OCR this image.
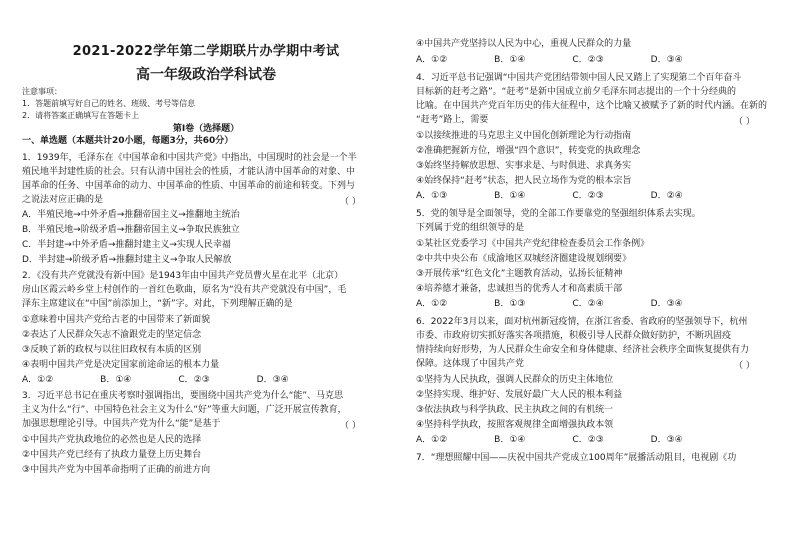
2021-2022学年第二学期联片办学期中考试
高一年级政治学科试卷
注意事项：
1．答题前填写好自己的姓名、班级、考号等信息
2．请将答案正确填写在答题卡上
第Ⅰ卷（选择题）
一、单选题（本题共计20小题，每题3分，共60分）
1．1939年，毛泽东在《中国革命和中国共产党》中指出，中国现时的社会是一个半
殖民地半封建性质的社会。只有认清中国社会的性质，才能认清中国革命的对象、中
国革命的任务、中国革命的动力、中国革命的性质、中国革命的前途和转变。下列与
之说法对应正确的是	（ ）
A．半殖民地→中外矛盾→推翻帝国主义→推翻地主统治
B．半殖民地→阶级矛盾→推翻帝国主义→争取民族独立
C．半封建→中外矛盾→推翻封建主义→实现人民幸福
D．半封建→阶级矛盾→推翻封建主义→争取人民解放
2．《没有共产党就没有新中国》是1943年由中国共产党员曹火星在北平（北京）
房山区霞云岭乡堂上村创作的一首红色歌曲，原名为“没有共产党就没有中国”，毛
泽东主席建议在“中国”前添加上，“新”字。对此，下列理解正确的是
①意味着中国共产党给古老的中国带来了新面貌
②表达了人民群众矢志不渝跟党走的坚定信念
③反映了新的政权与以往旧政权有本质的区别
④表明中国共产党是决定国家前途命运的根本力量
A．①②	B．①④	C．②③	D．③④
3．习近平总书记在重庆考察时强调指出，要围绕中国共产党为什么“能”、马克思
主义为什么“行”、中国特色社会主义为什么“好”等重大问题，广泛开展宣传教育，
加强思想理论引导。中国共产党为什么“能”是基于	（ ）
①中国共产党执政地位的必然也是人民的选择
②中国共产党已经有了执政力量登上历史舞台
③中国共产党为中国革命指明了正确的前进方向
④中国共产党坚持以人民为中心，重视人民群众的力量
A．①②	B．①④	C．②③	D．③④
4．习近平总书记强调“中国共产党团结带领中国人民又踏上了实现第二个百年奋斗
目标新的赶考之路”。“赶考”是新中国成立前夕毛泽东同志提出的一个十分经典的
比喻。在中国共产党百年历史的伟大征程中，这个比喻又被赋予了新的时代内涵。在新的
“赶考”路上，需要	（ ）
①以接续推进的马克思主义中国化创新理论为行动指南
②准确把握新方位，增强“四个意识”，转变党的执政理念
③始终坚持解放思想、实事求是、与时俱进、求真务实
④始终保持“赶考”状态，把人民立场作为党的根本宗旨
A．①③	B．①④	C．②③	D．②④
5．党的领导是全面领导，党的全部工作要靠党的坚强组织体系去实现。
下列属于党的组织领导的是
①某社区党委学习《中国共产党纪律检查委员会工作条例》
②中共中央公布《成渝地区双城经济圈建设规划纲要》
③开展传承“红色文化”主题教育活动，弘扬长征精神
④培养德才兼备，忠诚担当的优秀人才和高素质干部
A．①②	B．①③	C．②④	D．③④
6．2022年3月以来，面对杭州新冠疫情，在浙江省委、省政府的坚强领导下，杭州
市委、市政府切实抓好落实各项措施，积极引导人民群众做好防护，不断巩固疫
情持续向好形势，为人民群众生命安全和身体健康、经济社会秩序全面恢复提供有力
保障。这体现了中国共产党	（ ）
①坚持为人民执政，强调人民群众的历史主体地位
②坚持实现、维护好、发展好最广大人民的根本利益
③依法执政与科学执政、民主执政之间的有机统一
④坚持科学执政，按照客观规律全面增强执政本领
A．①②	B．①④	C．②③	D．③④
7．“理想照耀中国——庆祝中国共产党成立100周年”展播活动阻目，电视剧《功
